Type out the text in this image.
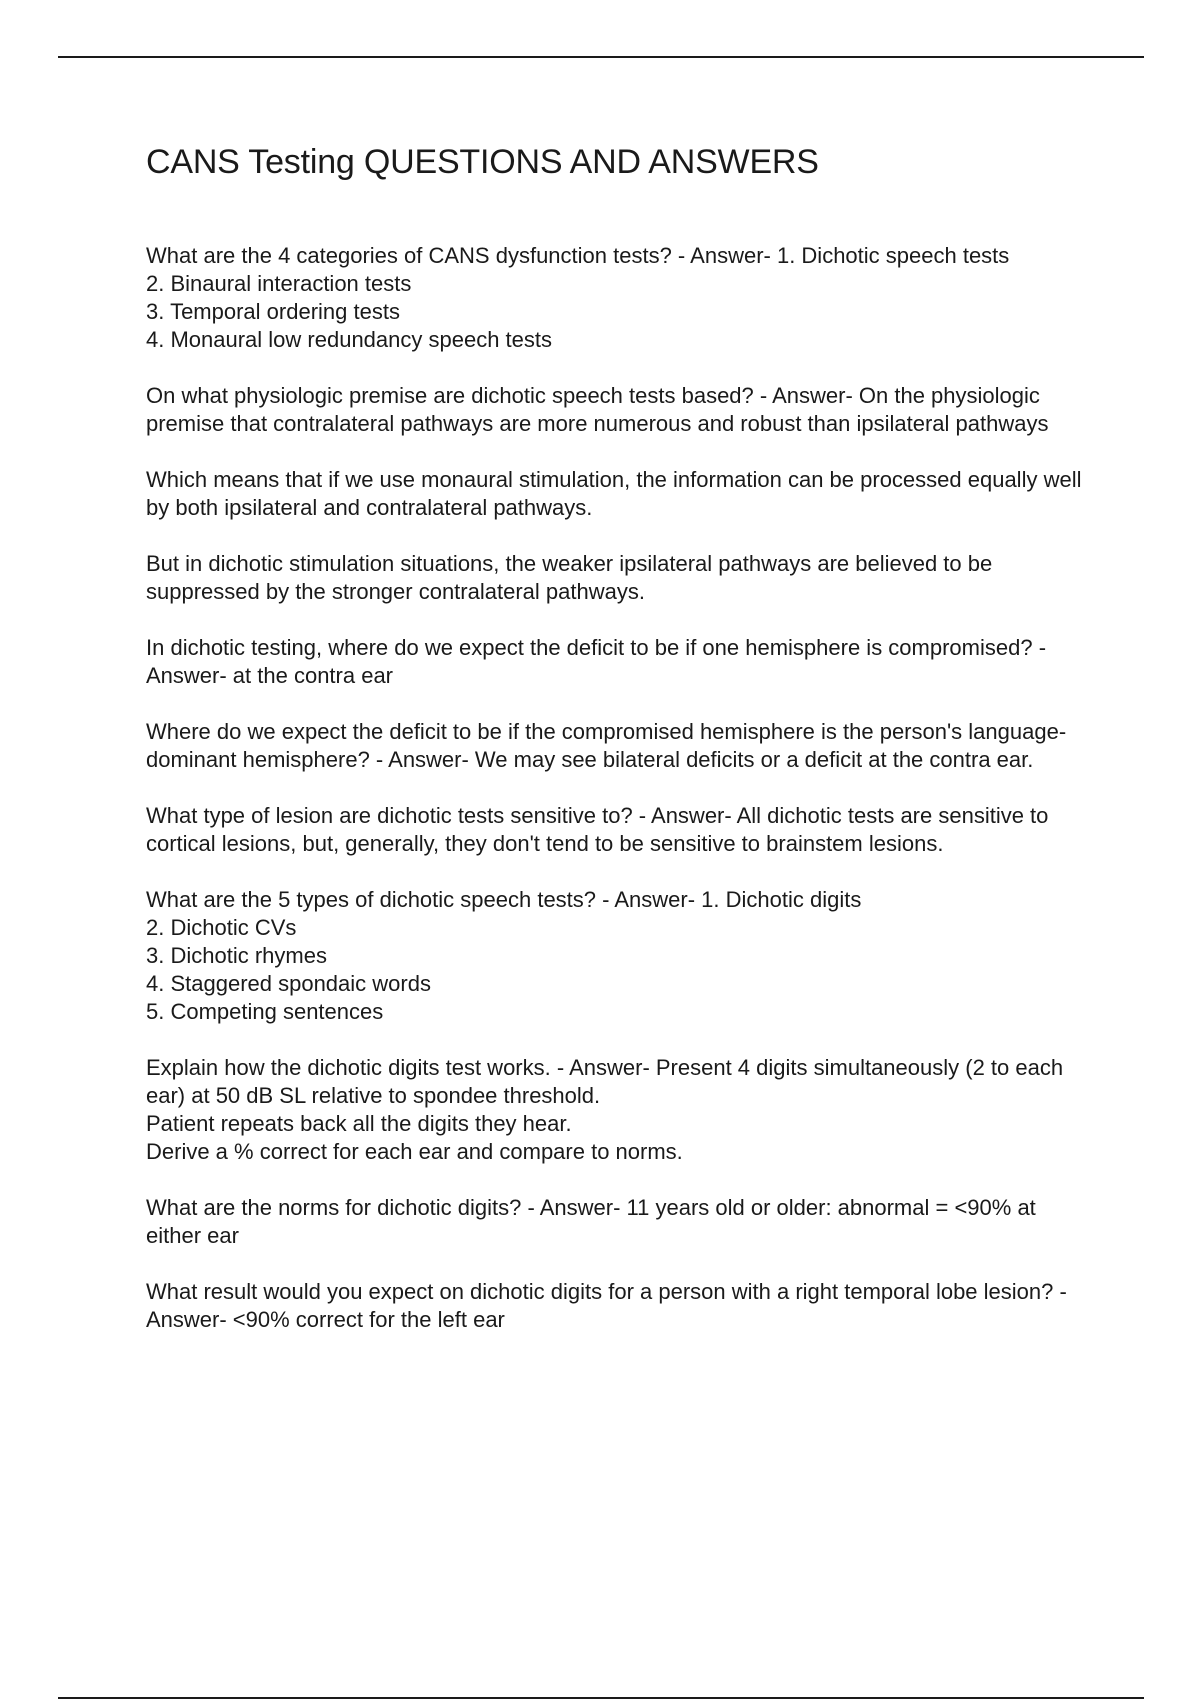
CANS Testing QUESTIONS AND ANSWERS

What are the 4 categories of CANS dysfunction tests? - Answer- 1. Dichotic speech tests
2. Binaural interaction tests
3. Temporal ordering tests
4. Monaural low redundancy speech tests

On what physiologic premise are dichotic speech tests based? - Answer- On the physiologic premise that contralateral pathways are more numerous and robust than ipsilateral pathways

Which means that if we use monaural stimulation, the information can be processed equally well by both ipsilateral and contralateral pathways.

But in dichotic stimulation situations, the weaker ipsilateral pathways are believed to be suppressed by the stronger contralateral pathways.

In dichotic testing, where do we expect the deficit to be if one hemisphere is compromised? - Answer- at the contra ear

Where do we expect the deficit to be if the compromised hemisphere is the person's language-dominant hemisphere? - Answer- We may see bilateral deficits or a deficit at the contra ear.

What type of lesion are dichotic tests sensitive to? - Answer- All dichotic tests are sensitive to cortical lesions, but, generally, they don't tend to be sensitive to brainstem lesions.

What are the 5 types of dichotic speech tests? - Answer- 1. Dichotic digits
2. Dichotic CVs
3. Dichotic rhymes
4. Staggered spondaic words
5. Competing sentences

Explain how the dichotic digits test works. - Answer- Present 4 digits simultaneously (2 to each ear) at 50 dB SL relative to spondee threshold.
Patient repeats back all the digits they hear.
Derive a % correct for each ear and compare to norms.

What are the norms for dichotic digits? - Answer- 11 years old or older: abnormal = <90% at either ear

What result would you expect on dichotic digits for a person with a right temporal lobe lesion? - Answer- <90% correct for the left ear
